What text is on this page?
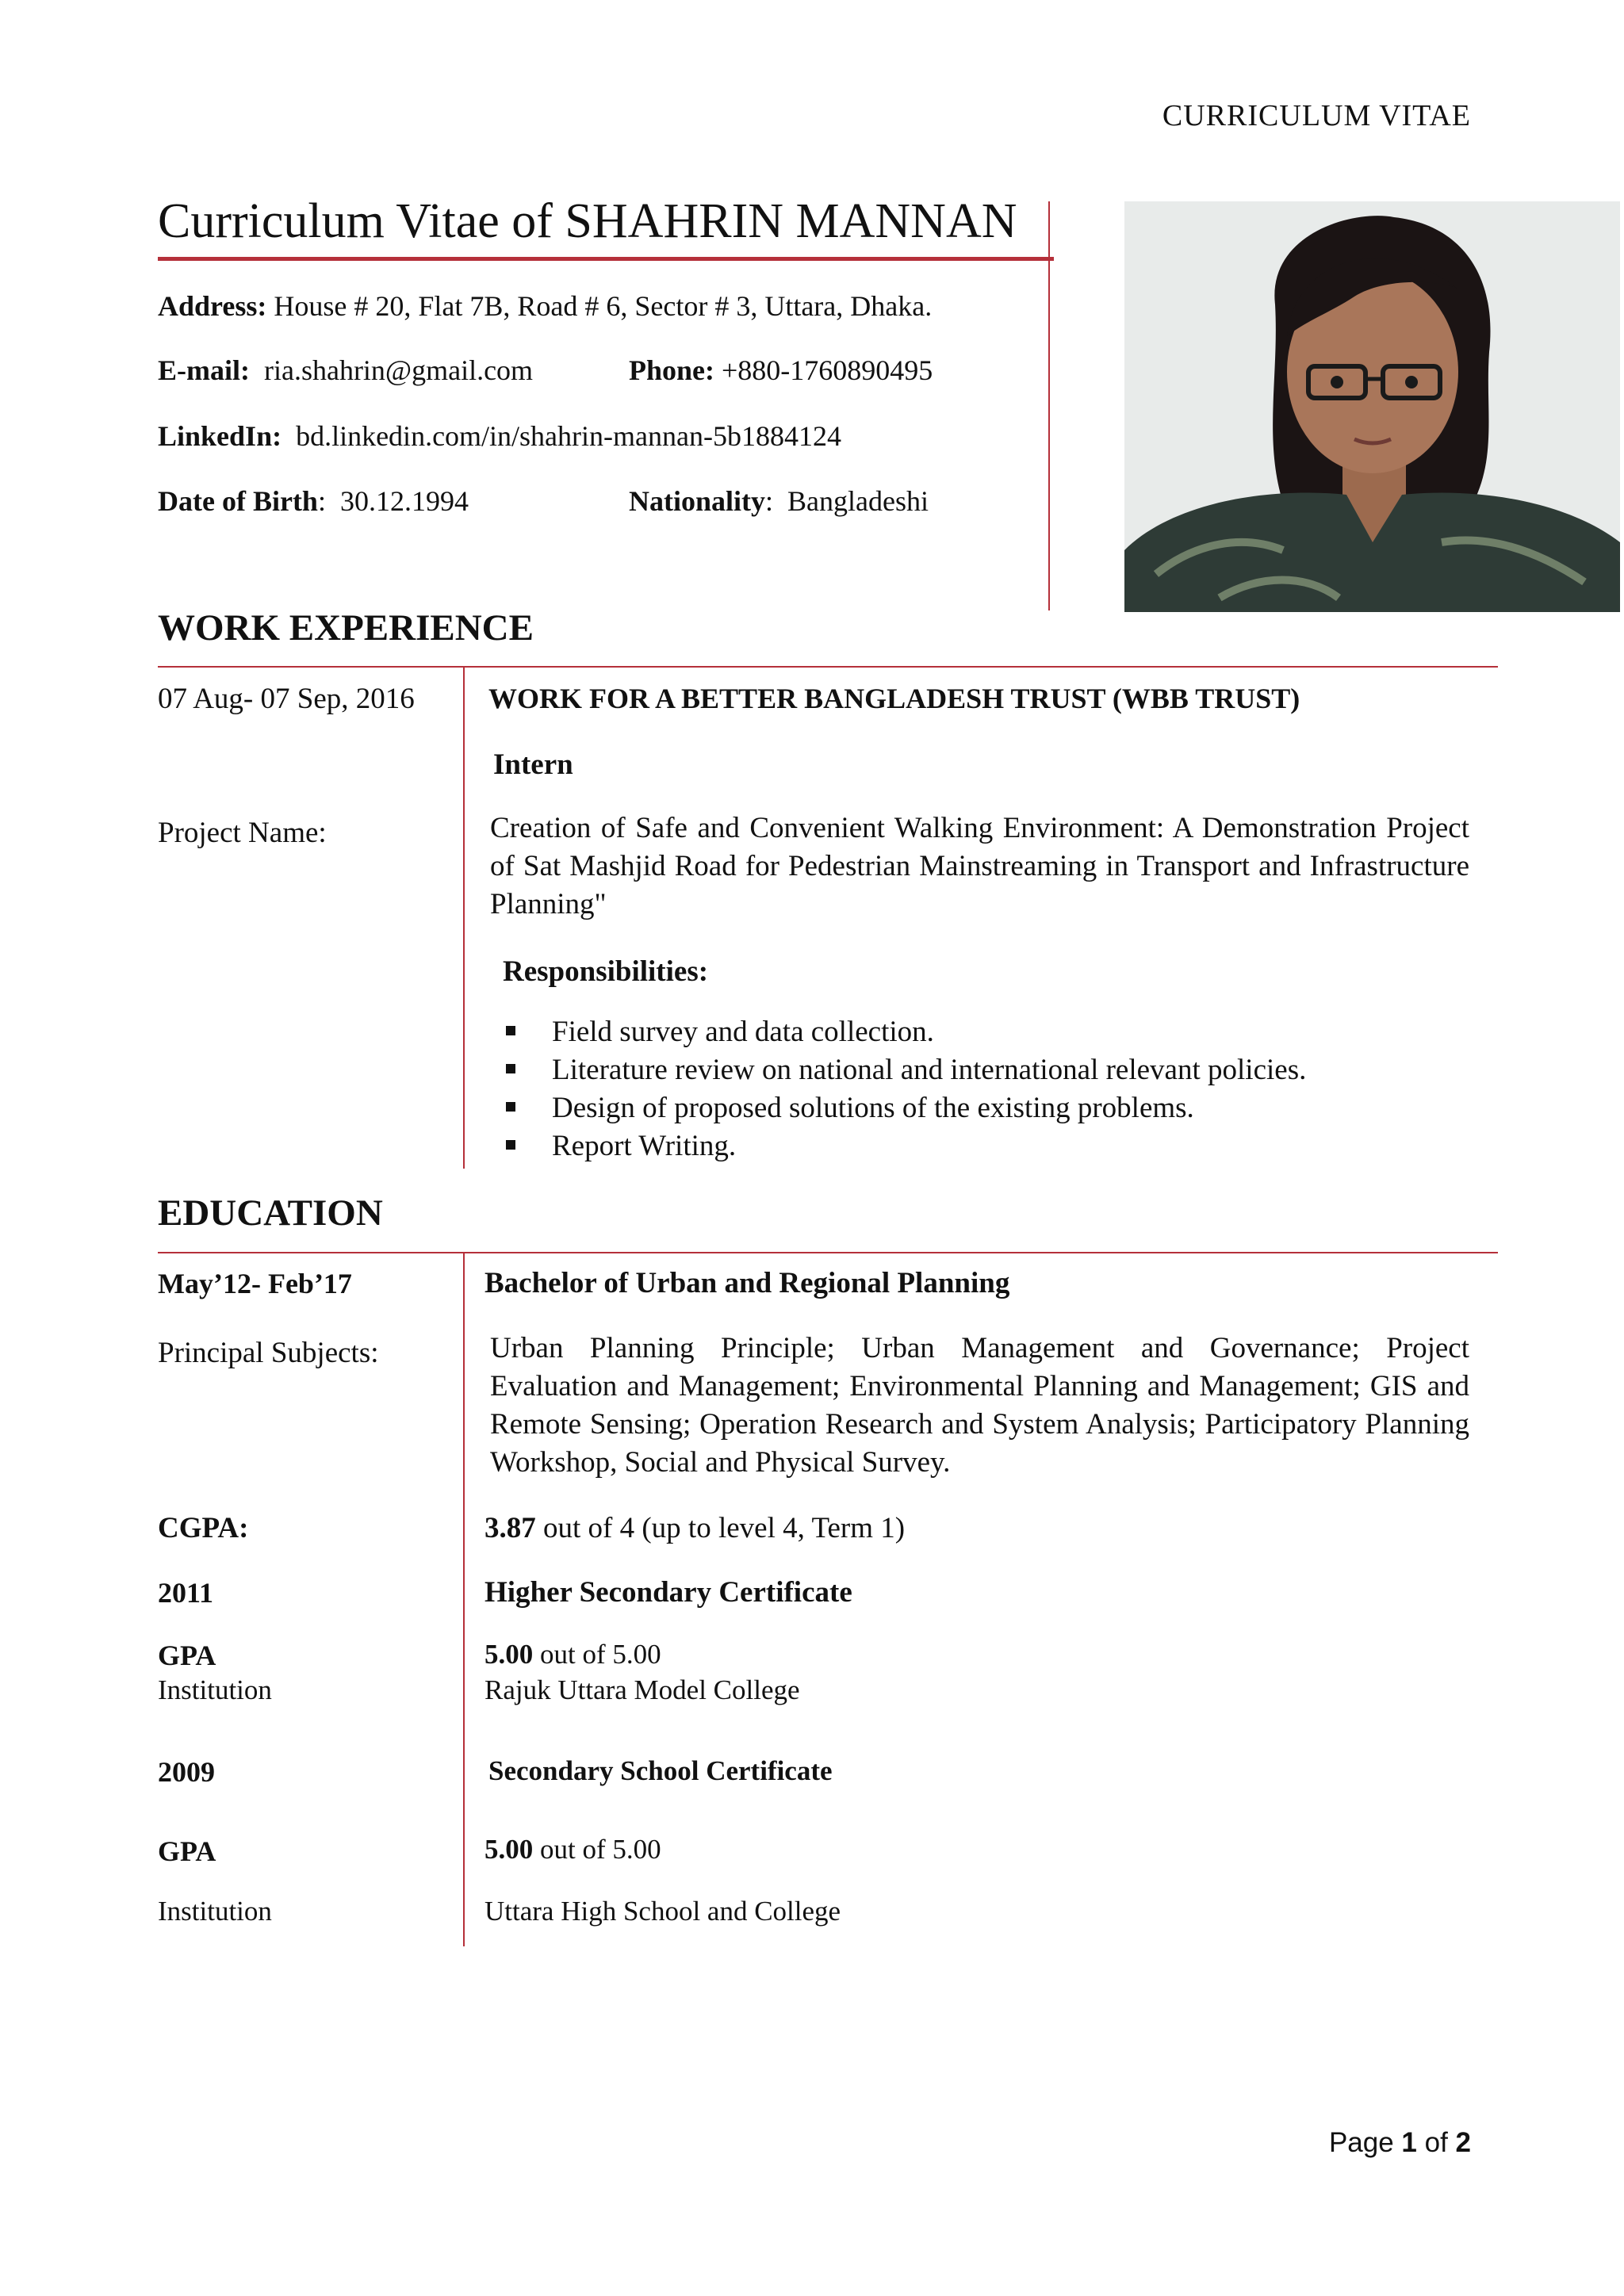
CURRICULUM VITAE
Curriculum Vitae of SHAHRIN MANNAN
Address: House # 20, Flat 7B, Road # 6, Sector # 3, Uttara, Dhaka.
E-mail: ria.shahrin@gmail.com	Phone: +880-1760890495
LinkedIn: bd.linkedin.com/in/shahrin-mannan-5b1884124
Date of Birth:  30.12.1994	Nationality:  Bangladeshi
WORK EXPERIENCE
07 Aug- 07 Sep, 2016	WORK FOR A BETTER BANGLADESH TRUST (WBB TRUST)
Intern
Project Name:	Creation of Safe and Convenient Walking Environment: A Demonstration Project of Sat Mashjid Road for Pedestrian Mainstreaming in Transport and Infrastructure Planning"
Responsibilities:
Field survey and data collection.
Literature review on national and international relevant policies.
Design of proposed solutions of the existing problems.
Report Writing.
EDUCATION
May’12- Feb’17	Bachelor of Urban and Regional Planning
Principal Subjects:	Urban Planning Principle; Urban Management and Governance; Project Evaluation and Management; Environmental Planning and Management; GIS and Remote Sensing; Operation Research and System Analysis; Participatory Planning Workshop, Social and Physical Survey.
CGPA:	3.87 out of 4 (up to level 4, Term 1)
2011	Higher Secondary Certificate
GPA	5.00 out of 5.00
Institution	Rajuk Uttara Model College
2009	Secondary School Certificate
GPA	5.00 out of 5.00
Institution	Uttara High School and College
Page 1 of 2
